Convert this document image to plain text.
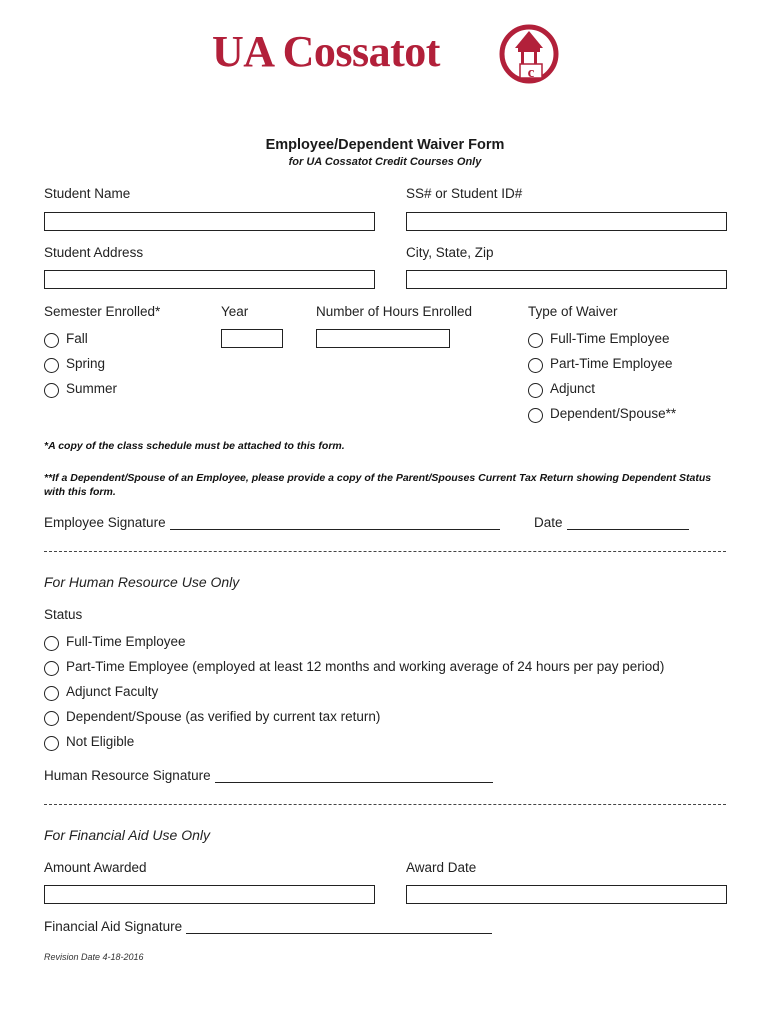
UA Cossatot	c
Employee/Dependent Waiver Form
for UA Cossatot Credit Courses Only
Student Name	SS# or Student ID#
Student Address	City, State, Zip
Semester Enrolled*	Year	Number of Hours Enrolled	Type of Waiver
Fall
Spring
Summer
Full-Time Employee
Part-Time Employee
Adjunct
Dependent/Spouse**
*A copy of the class schedule must be attached to this form.
**If a Dependent/Spouse of an Employee, please provide a copy of the Parent/Spouses Current Tax Return showing Dependent Status with this form.
Employee Signature	Date
For Human Resource Use Only
Status
Full-Time Employee
Part-Time Employee (employed at least 12 months and working average of 24 hours per pay period)
Adjunct Faculty
Dependent/Spouse (as verified by current tax return)
Not Eligible
Human Resource Signature
For Financial Aid Use Only
Amount Awarded	Award Date
Financial Aid Signature
Revision Date 4-18-2016
